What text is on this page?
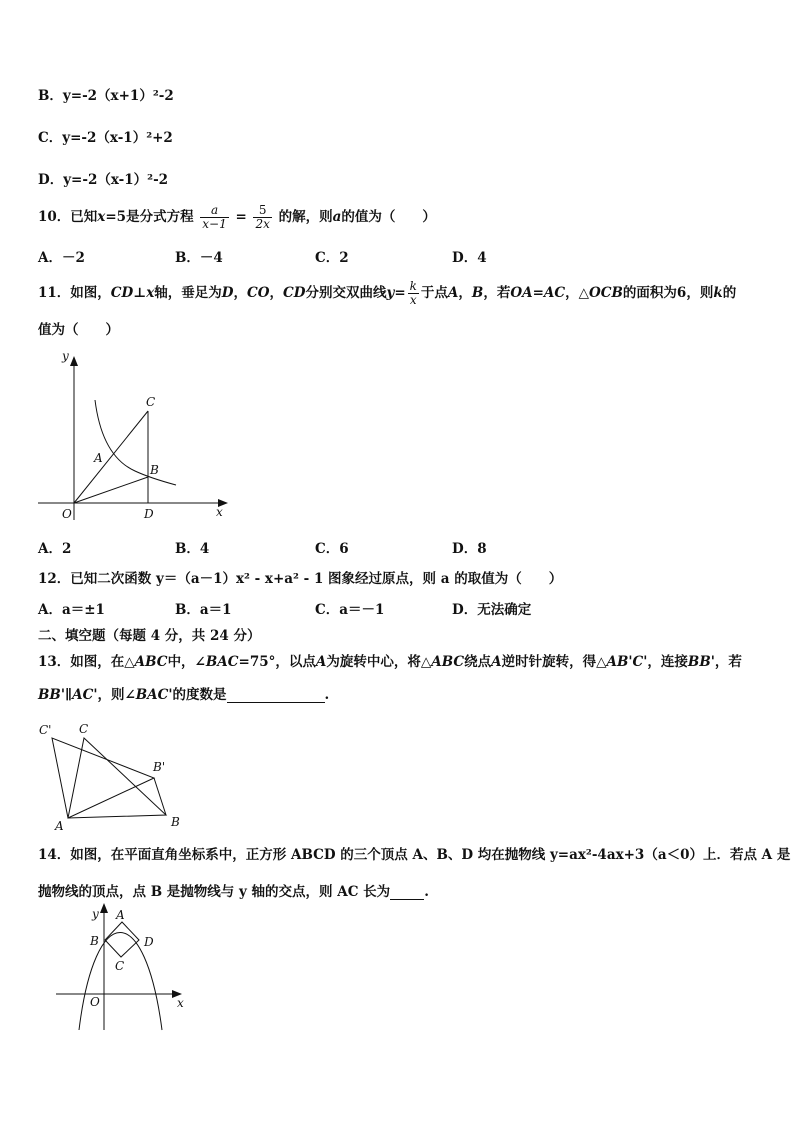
B．y=-2（x+1）²-2
C．y=-2（x-1）²+2
D．y=-2（x-1）²-2
10．已知x=5是分式方程 $\frac{a}{x-1} = \frac{5}{2x}$ 的解，则a的值为（　　）
A．－2	B．－4	C．2	D．4
11．如图，CD⊥x轴，垂足为D，CO，CD分别交双曲线$y= \frac{k}{x}$ 于点A，B，若OA=AC，△OCB的面积为6，则k的
值为（　　）
y
x
O
A
B
C
D
A．2	B．4	C．6	D．8
12．已知二次函数 y＝（a－1）x² - x+a² - 1 图象经过原点，则 a 的取值为（　　）
A．a＝±1	B．a＝1	C．a＝－1	D．无法确定
二、填空题（每题 4 分，共 24 分）
13．如图，在△ABC中，∠BAC=75°，以点A为旋转中心，将△ABC绕点A逆时针旋转，得△AB'C'，连接BB'，若
BB'∥AC'，则∠BAC'的度数是	.
C' C
B'
A	B
14．如图，在平面直角坐标系中，正方形 ABCD 的三个顶点 A、B、D 均在抛物线 y=ax²-4ax+3（a＜0）上．若点 A 是
抛物线的顶点，点 B 是抛物线与 y 轴的交点，则 AC 长为	.
y A
B
C
D
O	x
